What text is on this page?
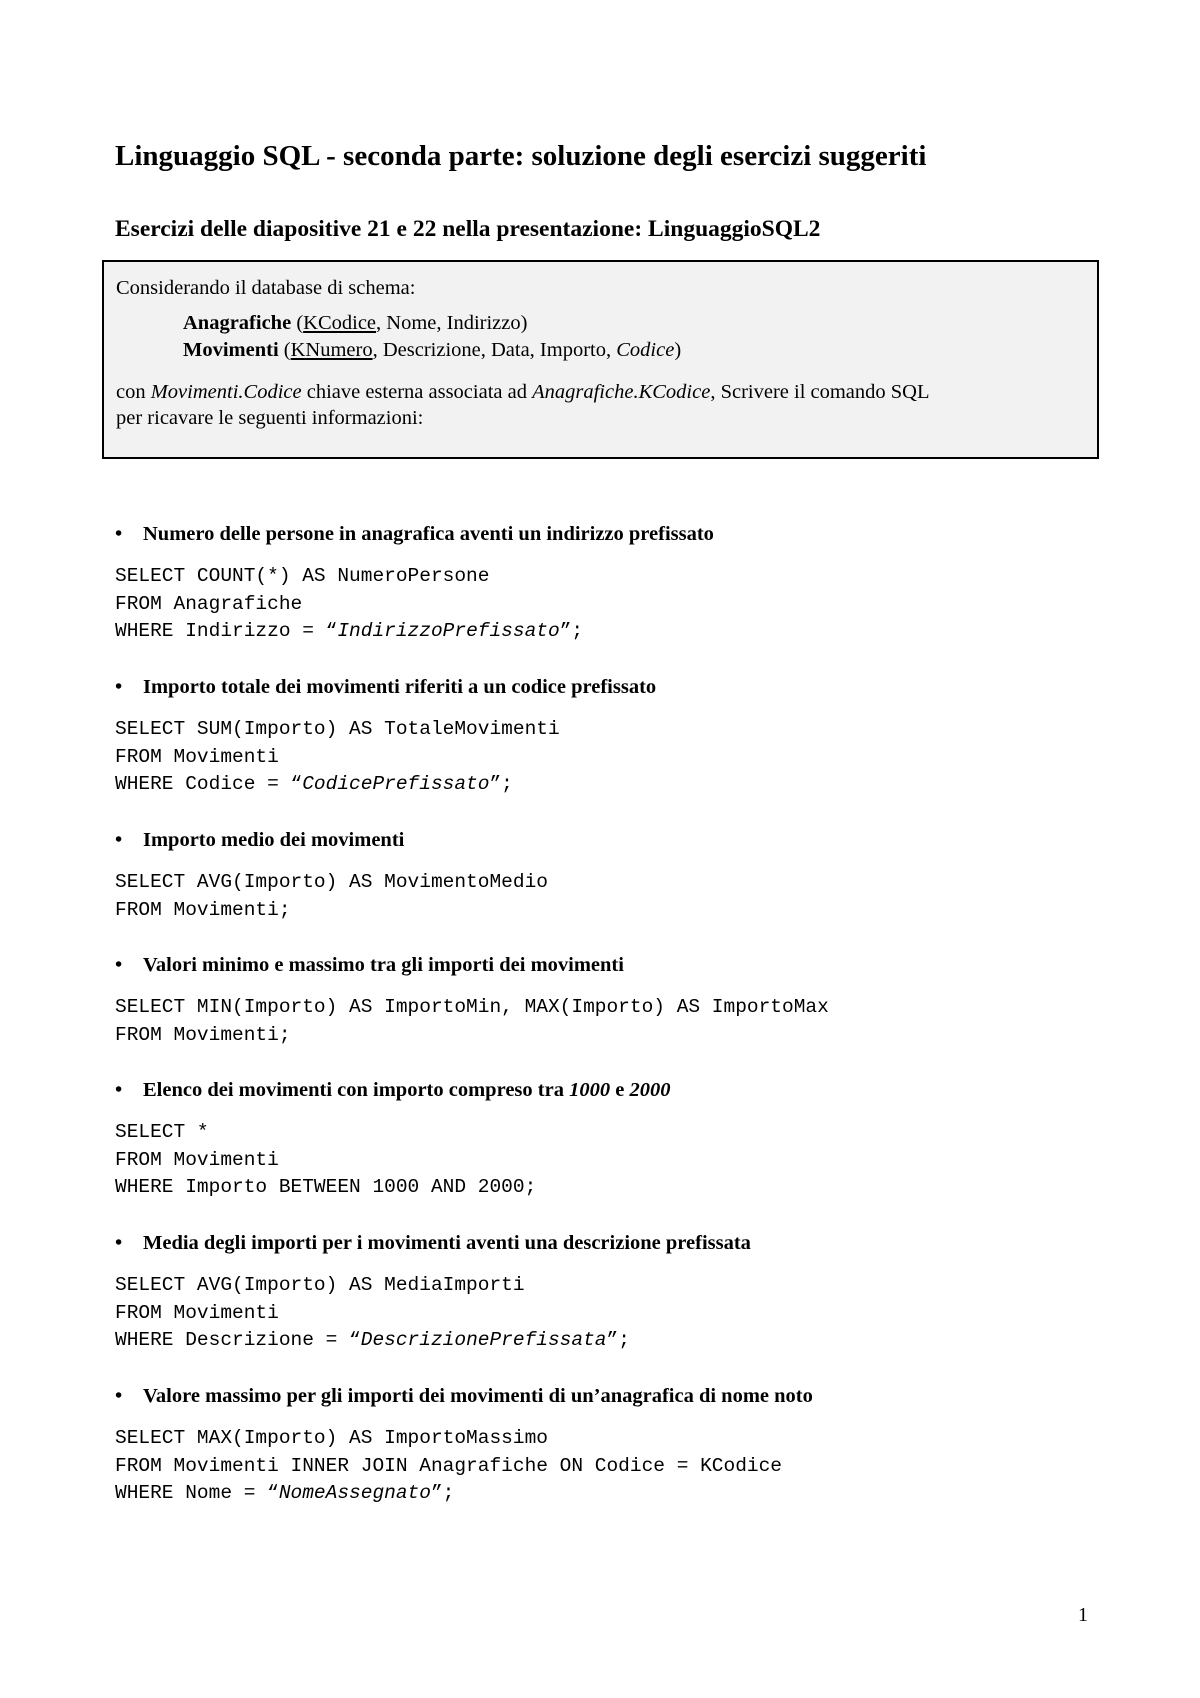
Linguaggio SQL - seconda parte: soluzione degli esercizi suggeriti
Esercizi delle diapositive 21 e 22 nella presentazione: LinguaggioSQL2
Considerando il database di schema:
Anagrafiche (KCodice, Nome, Indirizzo)
Movimenti (KNumero, Descrizione, Data, Importo, Codice)
con Movimenti.Codice chiave esterna associata ad Anagrafiche.KCodice, Scrivere il comando SQL
per ricavare le seguenti informazioni:
• Numero delle persone in anagrafica aventi un indirizzo prefissato
SELECT COUNT(*) AS NumeroPersone
FROM Anagrafiche
WHERE Indirizzo = “IndirizzoPrefissato”;
• Importo totale dei movimenti riferiti a un codice prefissato
SELECT SUM(Importo) AS TotaleMovimenti
FROM Movimenti
WHERE Codice = “CodicePrefissato”;
• Importo medio dei movimenti
SELECT AVG(Importo) AS MovimentoMedio
FROM Movimenti;
• Valori minimo e massimo tra gli importi dei movimenti
SELECT MIN(Importo) AS ImportoMin, MAX(Importo) AS ImportoMax
FROM Movimenti;
• Elenco dei movimenti con importo compreso tra 1000 e 2000
SELECT *
FROM Movimenti
WHERE Importo BETWEEN 1000 AND 2000;
• Media degli importi per i movimenti aventi una descrizione prefissata
SELECT AVG(Importo) AS MediaImporti
FROM Movimenti
WHERE Descrizione = “DescrizionePrefissata”;
• Valore massimo per gli importi dei movimenti di un’anagrafica di nome noto
SELECT MAX(Importo) AS ImportoMassimo
FROM Movimenti INNER JOIN Anagrafiche ON Codice = KCodice
WHERE Nome = “NomeAssegnato”;
1
